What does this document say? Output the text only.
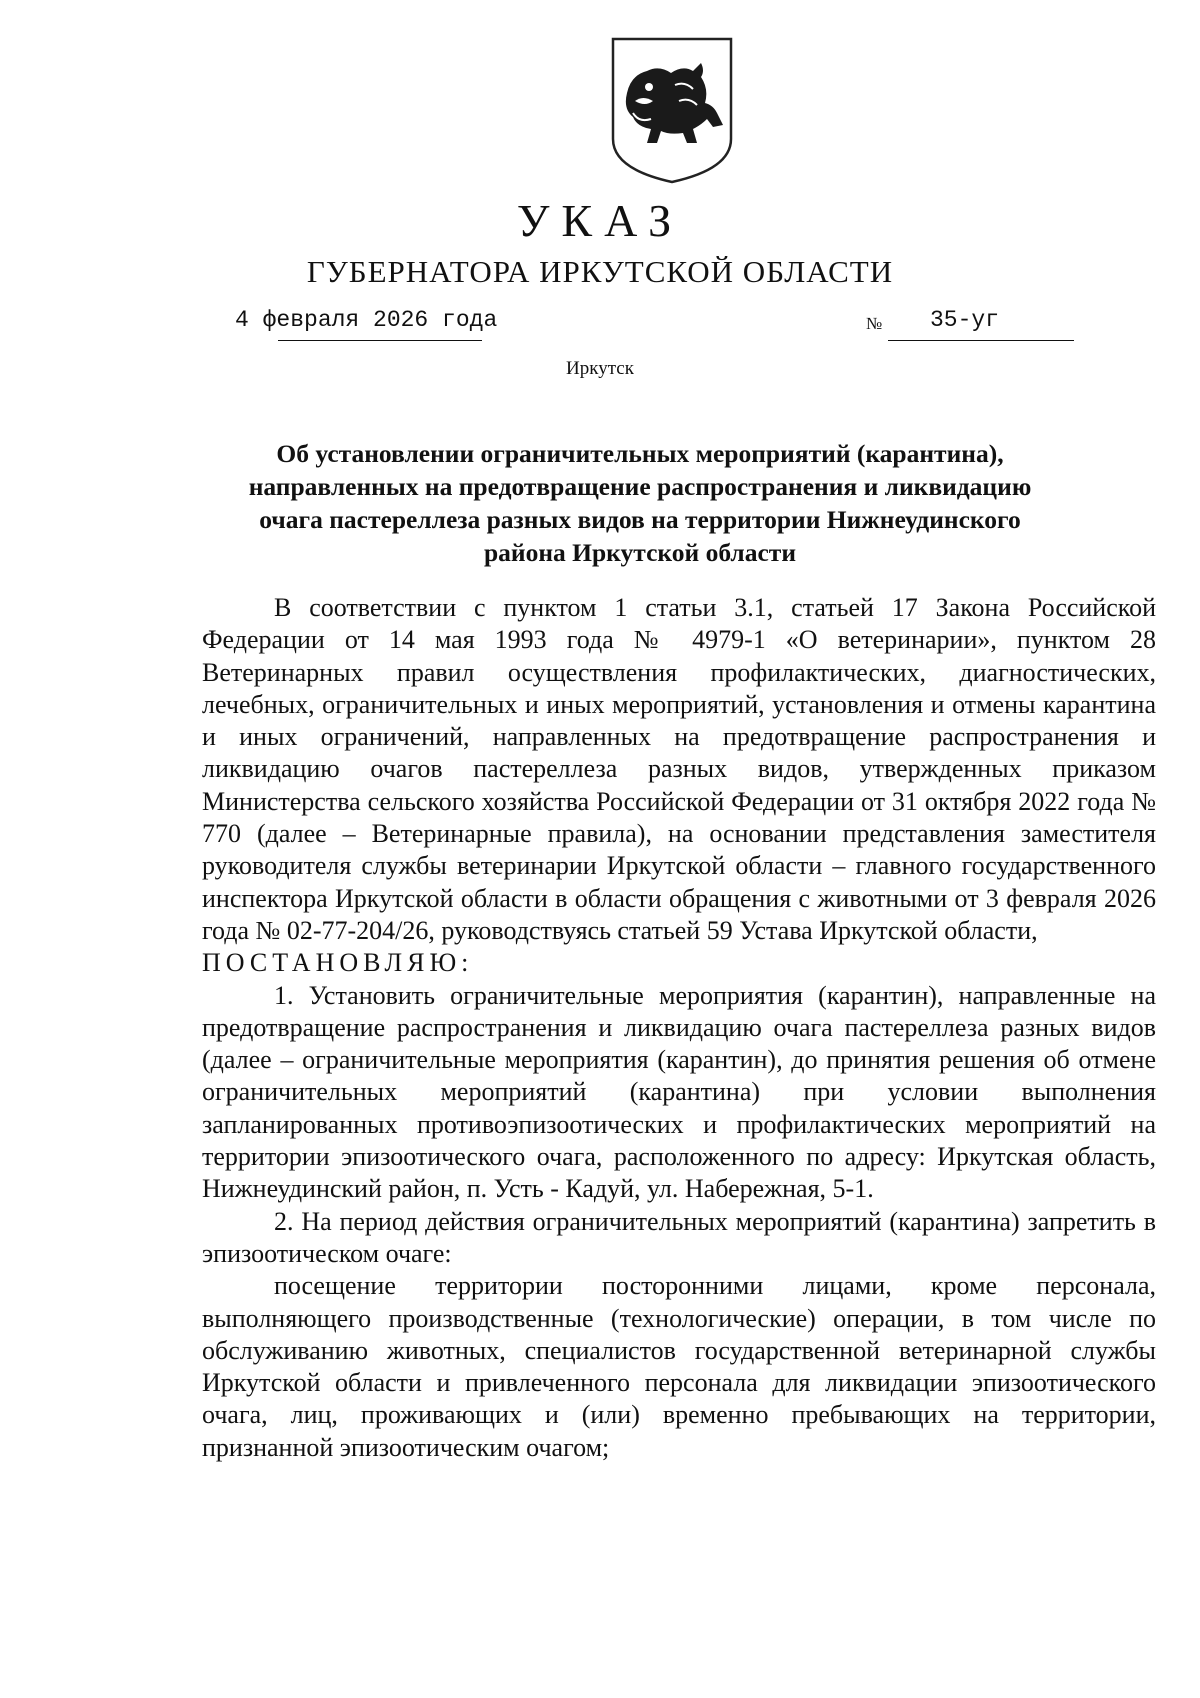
УКАЗ
ГУБЕРНАТОРА ИРКУТСКОЙ ОБЛАСТИ
4 февраля 2026 года	№ 35-уг
Иркутск
Об установлении ограничительных мероприятий (карантина),
направленных на предотвращение распространения и ликвидацию
очага пастереллеза разных видов на территории Нижнеудинского
района Иркутской области

В соответствии с пунктом 1 статьи 3.1, статьей 17 Закона Российской Федерации от 14 мая 1993 года № 4979-1 «О ветеринарии», пунктом 28 Ветеринарных правил осуществления профилактических, диагностических, лечебных, ограничительных и иных мероприятий, установления и отмены карантина и иных ограничений, направленных на предотвращение распространения и ликвидацию очагов пастереллеза разных видов, утвержденных приказом Министерства сельского хозяйства Российской Федерации от 31 октября 2022 года № 770 (далее – Ветеринарные правила), на основании представления заместителя руководителя службы ветеринарии Иркутской области – главного государственного инспектора Иркутской области в области обращения с животными от 3 февраля 2026 года № 02-77-204/26, руководствуясь статьей 59 Устава Иркутской области,

ПОСТАНОВЛЯЮ:

1. Установить ограничительные мероприятия (карантин), направленные на предотвращение распространения и ликвидацию очага пастереллеза разных видов (далее – ограничительные мероприятия (карантин), до принятия решения об отмене ограничительных мероприятий (карантина) при условии выполнения запланированных противоэпизоотических и профилактических мероприятий на территории эпизоотического очага, расположенного по адресу: Иркутская область, Нижнеудинский район, п. Усть - Кадуй, ул. Набережная, 5-1.

2. На период действия ограничительных мероприятий (карантина) запретить в эпизоотическом очаге:

посещение территории посторонними лицами, кроме персонала, выполняющего производственные (технологические) операции, в том числе по обслуживанию животных, специалистов государственной ветеринарной службы Иркутской области и привлеченного персонала для ликвидации эпизоотического очага, лиц, проживающих и (или) временно пребывающих на территории, признанной эпизоотическим очагом;
